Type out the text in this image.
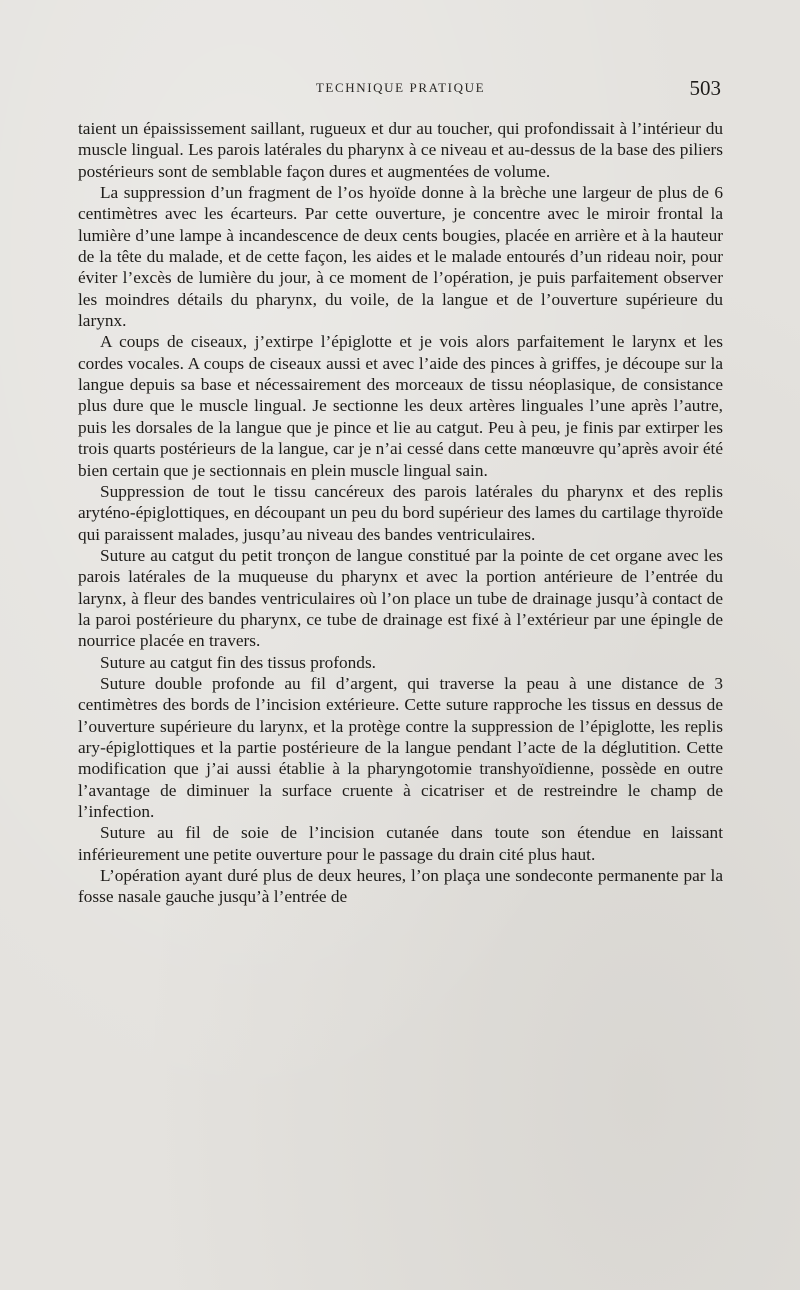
TECHNIQUE PRATIQUE	503

taient un épaississement saillant, rugueux et dur au toucher, qui profondissait à l’intérieur du muscle lingual. Les parois latérales du pharynx à ce niveau et au-dessus de la base des piliers postérieurs sont de semblable façon dures et augmentées de volume.

La suppression d’un fragment de l’os hyoïde donne à la brèche une largeur de plus de 6 centimètres avec les écarteurs. Par cette ouverture, je concentre avec le miroir frontal la lumière d’une lampe à incandescence de deux cents bougies, placée en arrière et à la hauteur de la tête du malade, et de cette façon, les aides et le malade entourés d’un rideau noir, pour éviter l’excès de lumière du jour, à ce moment de l’opération, je puis parfaitement observer les moindres détails du pharynx, du voile, de la langue et de l’ouverture supérieure du larynx.

A coups de ciseaux, j’extirpe l’épiglotte et je vois alors parfaitement le larynx et les cordes vocales. A coups de ciseaux aussi et avec l’aide des pinces à griffes, je découpe sur la langue depuis sa base et nécessairement des morceaux de tissu néoplasique, de consistance plus dure que le muscle lingual. Je sectionne les deux artères linguales l’une après l’autre, puis les dorsales de la langue que je pince et lie au catgut. Peu à peu, je finis par extirper les trois quarts postérieurs de la langue, car je n’ai cessé dans cette manœuvre qu’après avoir été bien certain que je sectionnais en plein muscle lingual sain.

Suppression de tout le tissu cancéreux des parois latérales du pharynx et des replis aryténo-épiglottiques, en découpant un peu du bord supérieur des lames du cartilage thyroïde qui paraissent malades, jusqu’au niveau des bandes ventriculaires.

Suture au catgut du petit tronçon de langue constitué par la pointe de cet organe avec les parois latérales de la muqueuse du pharynx et avec la portion antérieure de l’entrée du larynx, à fleur des bandes ventriculaires où l’on place un tube de drainage jusqu’à contact de la paroi postérieure du pharynx, ce tube de drainage est fixé à l’extérieur par une épingle de nourrice placée en travers.

Suture au catgut fin des tissus profonds.

Suture double profonde au fil d’argent, qui traverse la peau à une distance de 3 centimètres des bords de l’incision extérieure. Cette suture rapproche les tissus en dessus de l’ouverture supérieure du larynx, et la protège contre la suppression de l’épiglotte, les replis ary-épiglottiques et la partie postérieure de la langue pendant l’acte de la déglutition. Cette modification que j’ai aussi établie à la pharyngotomie transhyoïdienne, possède en outre l’avantage de diminuer la surface cruente à cicatriser et de restreindre le champ de l’infection.

Suture au fil de soie de l’incision cutanée dans toute son étendue en laissant inférieurement une petite ouverture pour le passage du drain cité plus haut.

L’opération ayant duré plus de deux heures, l’on plaça une sondeconte permanente par la fosse nasale gauche jusqu’à l’entrée de
